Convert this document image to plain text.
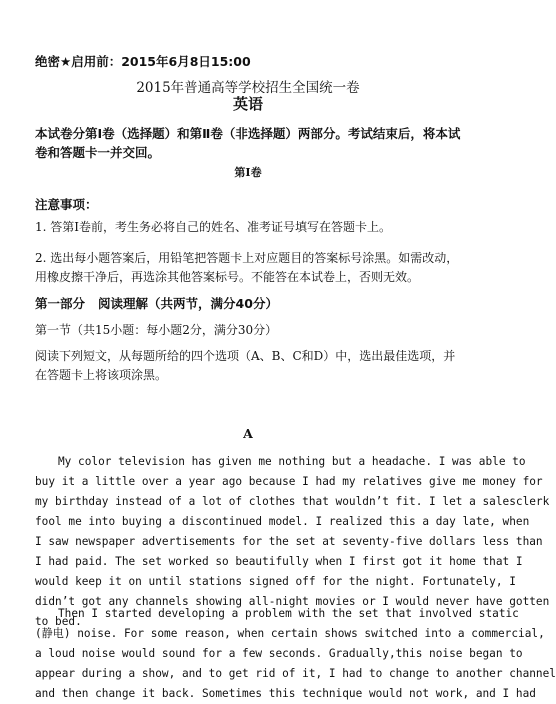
绝密★启用前：2015年6月8日15:00

2015年普通高等学校招生全国统一卷

英语

本试卷分第Ⅰ卷（选择题）和第Ⅱ卷（非选择题）两部分。考试结束后，将本试卷和答题卡一并交回。

第Ⅰ卷

注意事项：

1. 答第Ⅰ卷前，考生务必将自己的姓名、准考证号填写在答题卡上。

2. 选出每小题答案后，用铅笔把答题卡上对应题目的答案标号涂黑。如需改动，用橡皮擦干净后，再选涂其他答案标号。不能答在本试卷上，否则无效。

第一部分   阅读理解（共两节，满分40分）

第一节（共15小题：每小题2分，满分30分）

阅读下列短文，从每题所给的四个选项（A、B、C和D）中，选出最佳选项，并在答题卡上将该项涂黑。

A

My color television has given me nothing but a headache. I was able to
buy it a little over a year ago because I had my relatives give me money for
my birthday instead of a lot of clothes that wouldn’t fit. I let a salesclerk
fool me into buying a discontinued model. I realized this a day late, when
I saw newspaper advertisements for the set at seventy-five dollars less than
I had paid. The set worked so beautifully when I first got it home that I
would keep it on until stations signed off for the night. Fortunately, I
didn’t got any channels showing all-night movies or I would never have gotten
to bed.
Then I started developing a problem with the set that involved static
(静电) noise. For some reason, when certain shows switched into a commercial,
a loud noise would sound for a few seconds. Gradually,this noise began to
appear during a show, and to get rid of it, I had to change to another channel
and then change it back. Sometimes this technique would not work, and I had
